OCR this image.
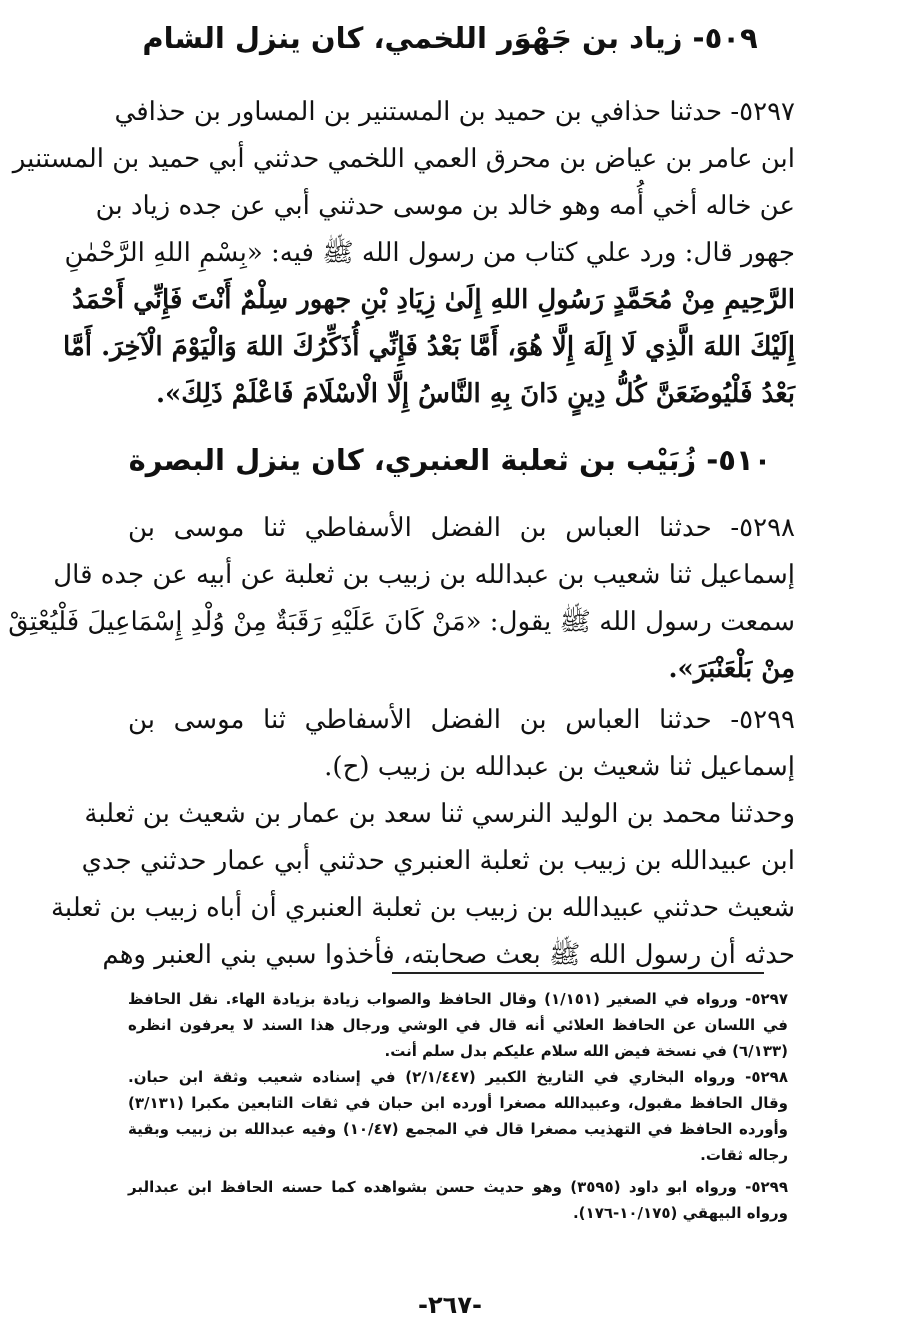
٥٠٩- زياد بن جَهْوَر اللخمي، كان ينزل الشام
٥٢٩٧- حدثنا حذافي بن حميد بن المستنير بن المساور بن حذافي
ابن عامر بن عياض بن محرق العمي اللخمي حدثني أبي حميد بن المستنير
عن خاله أخي أُمه وهو خالد بن موسى حدثني أبي عن جده زياد بن
جهور قال: ورد علي كتاب من رسول الله ﷺ فيه: «بِسْمِ اللهِ الرَّحْمٰنِ
الرَّحِيمِ مِنْ مُحَمَّدٍ رَسُولِ اللهِ إِلَىٰ زِيَادِ بْنِ جهور سِلْمٌ أَنْتَ فَإِنِّي أَحْمَدُ
إِلَيْكَ اللهَ الَّذِي لَا إِلَهَ إِلَّا هُوَ، أَمَّا بَعْدُ فَإِنِّي أُذَكِّرُكَ اللهَ وَالْيَوْمَ الْآخِرَ. أَمَّا
بَعْدُ فَلْيُوضَعَنَّ كُلُّ دِينٍ دَانَ بِهِ النَّاسُ إِلَّا الْاسْلَامَ فَاعْلَمْ ذَلِكَ».
٥١٠- زُبَيْب بن ثعلبة العنبري، كان ينزل البصرة
٥٢٩٨- حدثنا العباس بن الفضل الأسفاطي ثنا موسى بن
إسماعيل ثنا شعيب بن عبدالله بن زبيب بن ثعلبة عن أبيه عن جده قال
سمعت رسول الله ﷺ يقول: «مَنْ كَانَ عَلَيْهِ رَقَبَةٌ مِنْ وُلْدِ إِسْمَاعِيلَ فَلْيُعْتِقْ
مِنْ بَلْعَنْبَرَ».
٥٢٩٩- حدثنا العباس بن الفضل الأسفاطي ثنا موسى بن
إسماعيل ثنا شعيث بن عبدالله بن زبيب (ح).
وحدثنا محمد بن الوليد النرسي ثنا سعد بن عمار بن شعيث بن ثعلبة
ابن عبيدالله بن زبيب بن ثعلبة العنبري حدثني أبي عمار حدثني جدي
شعيث حدثني عبيدالله بن زبيب بن ثعلبة العنبري أن أباه زبيب بن ثعلبة
حدثه أن رسول الله ﷺ بعث صحابته، فأخذوا سبي بني العنبر وهم
٥٢٩٧- ورواه في الصغير (١/١٥١) وقال الحافظ والصواب زيادة بزيادة الهاء. نقل الحافظ
في اللسان عن الحافظ العلائي أنه قال في الوشي ورجال هذا السند لا يعرفون انظره
(٦/١٣٣) في نسخة فيض الله سلام عليكم بدل سلم أنت.
٥٢٩٨- ورواه البخاري في التاريخ الكبير (٢/١/٤٤٧) في إسناده شعيب وثقة ابن حبان.
وقال الحافظ مقبول، وعبيدالله مصغرا أورده ابن حبان في ثقات التابعين مكبرا (٣/١٣١)
وأورده الحافظ في التهذيب مصغرا قال في المجمع (١٠/٤٧) وفيه عبدالله بن زبيب وبقية
رجاله ثقات.
٥٢٩٩- ورواه ابو داود (٣٥٩٥) وهو حديث حسن بشواهده كما حسنه الحافظ ابن عبدالبر
ورواه البيهقي (١٠/١٧٥-١٧٦).
-٢٦٧-
